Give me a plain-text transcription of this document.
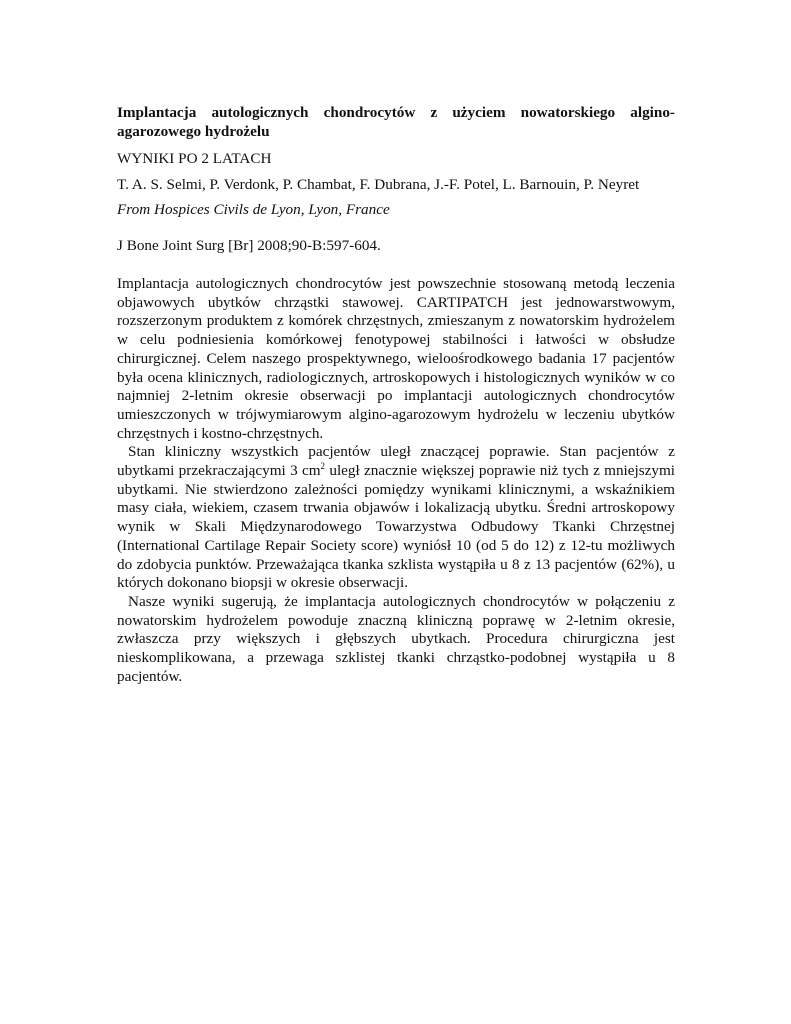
Implantacja autologicznych chondrocytów z użyciem nowatorskiego algino-agarozowego hydrożelu

WYNIKI PO 2 LATACH

T. A. S. Selmi, P. Verdonk, P. Chambat, F. Dubrana, J.-F. Potel, L. Barnouin, P. Neyret

From Hospices Civils de Lyon, Lyon, France

J Bone Joint Surg [Br] 2008;90-B:597-604.

Implantacja autologicznych chondrocytów jest powszechnie stosowaną metodą leczenia objawowych ubytków chrząstki stawowej. CARTIPATCH jest jednowarstwowym, rozszerzonym produktem z komórek chrzęstnych, zmieszanym z nowatorskim hydrożelem w celu podniesienia komórkowej fenotypowej stabilności i łatwości w obsłudze chirurgicznej. Celem naszego prospektywnego, wieloośrodkowego badania 17 pacjentów była ocena klinicznych, radiologicznych, artroskopowych i histologicznych wyników w co najmniej 2-letnim okresie obserwacji po implantacji autologicznych chondrocytów umieszczonych w trójwymiarowym algino-agarozowym hydrożelu w leczeniu ubytków chrzęstnych i kostno-chrzęstnych.

Stan kliniczny wszystkich pacjentów uległ znaczącej poprawie. Stan pacjentów z ubytkami przekraczającymi 3 $cm^2$ uległ znacznie większej poprawie niż tych z mniejszymi ubytkami. Nie stwierdzono zależności pomiędzy wynikami klinicznymi, a wskaźnikiem masy ciała, wiekiem, czasem trwania objawów i lokalizacją ubytku. Średni artroskopowy wynik w Skali Międzynarodowego Towarzystwa Odbudowy Tkanki Chrzęstnej (International Cartilage Repair Society score) wyniósł 10 (od 5 do 12) z 12-tu możliwych do zdobycia punktów. Przeważająca tkanka szklista wystąpiła u 8 z 13 pacjentów (62%), u których dokonano biopsji w okresie obserwacji.

Nasze wyniki sugerują, że implantacja autologicznych chondrocytów w połączeniu z nowatorskim hydrożelem powoduje znaczną kliniczną poprawę w 2-letnim okresie, zwłaszcza przy większych i głębszych ubytkach. Procedura chirurgiczna jest nieskomplikowana, a przewaga szklistej tkanki chrząstko-podobnej wystąpiła u 8 pacjentów.
